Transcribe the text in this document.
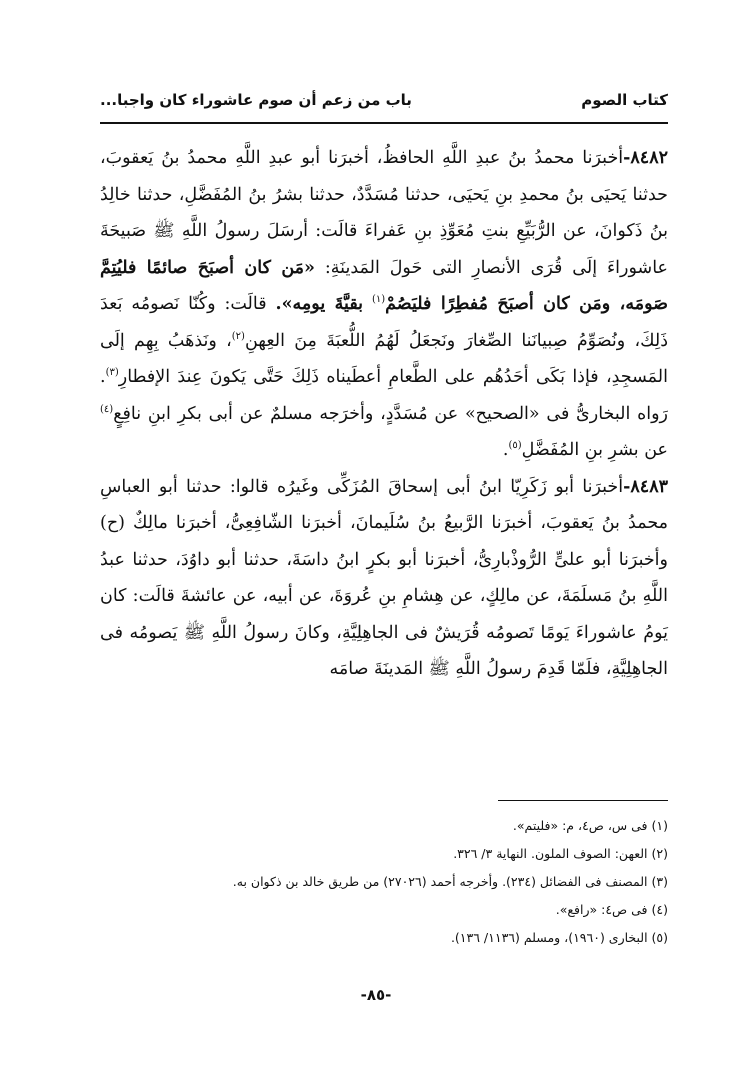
كتاب الصوم
باب من زعم أن صوم عاشوراء كان واجبا...

٨٤٨٢-أخبرَنا محمدُ بنُ عبدِ اللَّهِ الحافظُ، أخبرَنا أبو عبدِ اللَّهِ محمدُ بنُ يَعقوبَ، حدثنا يَحيَى بنُ محمدِ بنِ يَحيَى، حدثنا مُسَدَّدٌ، حدثنا بشرُ بنُ المُفَضَّلِ، حدثنا خالِدُ بنُ ذَكوانَ، عن الرُّبَيِّعِ بنتِ مُعَوِّذِ بنِ عَفراءَ قالَت: أرسَلَ رسولُ اللَّهِ ﷺ صَبيحَةَ عاشوراءَ إلَى قُرَى الأنصارِ التى حَولَ المَدينَةِ: «مَن كان أصبَحَ صائمًا فليُتِمَّ صَومَه، ومَن كان أصبَحَ مُفطِرًا فليَصُمْ$^{(١)}$ بقيَّةَ يومِه». قالَت: وكُنّا نَصومُه بَعدَ ذَلِكَ، ونُصَوِّمُ صِبيانَنا الصِّغارَ ونَجعَلُ لَهُمُ اللُّعبَةَ مِنَ العِهنِ$^{(٢)}$، ونَذهَبُ بِهِم إلَى المَسجِدِ، فإذا بَكَى أحَدُهُم على الطَّعامِ أعطَيناه ذَلِكَ حَتَّى يَكونَ عِندَ الإفطارِ$^{(٣)}$. رَواه البخارىُّ فى «الصحيح» عن مُسَدَّدٍ، وأخرَجه مسلمٌ عن أبى بكرِ ابنِ نافِعٍ$^{(٤)}$ عن بشرِ بنِ المُفَضَّلِ$^{(٥)}$.

٨٤٨٣-أخبرَنا أبو زَكَرِيّا ابنُ أبى إسحاقَ المُزَكِّى وغَيرُه قالوا: حدثنا أبو العباسِ محمدُ بنُ يَعقوبَ، أخبرَنا الرَّبيعُ بنُ سُلَيمانَ، أخبرَنا الشّافِعِىُّ، أخبرَنا مالِكٌ (ح) وأخبرَنا أبو علىٍّ الرُّوذْبارِىُّ، أخبرَنا أبو بكرٍ ابنُ داسَةَ، حدثنا أبو داوُدَ، حدثنا عبدُ اللَّهِ بنُ مَسلَمَةَ، عن مالِكٍ، عن هِشامِ بنِ عُروَةَ، عن أبيه، عن عائشةَ قالَت: كان يَومُ عاشوراءَ يَومًا تَصومُه قُرَيشٌ فى الجاهِلِيَّةِ، وكانَ رسولُ اللَّهِ ﷺ يَصومُه فى الجاهِلِيَّةِ، فلَمّا قَدِمَ رسولُ اللَّهِ ﷺ المَدينَةَ صامَه

(١) فى س، ص٤، م: «فليتم».

(٢) العهن: الصوف الملون. النهاية ٣/ ٣٢٦.

(٣) المصنف فى الفضائل (٢٣٤). وأخرجه أحمد (٢٧٠٢٦) من طريق خالد بن ذكوان به.

(٤) فى ص٤: «رافع».

(٥) البخارى (١٩٦٠)، ومسلم (١١٣٦/ ١٣٦).

-٨٥-
